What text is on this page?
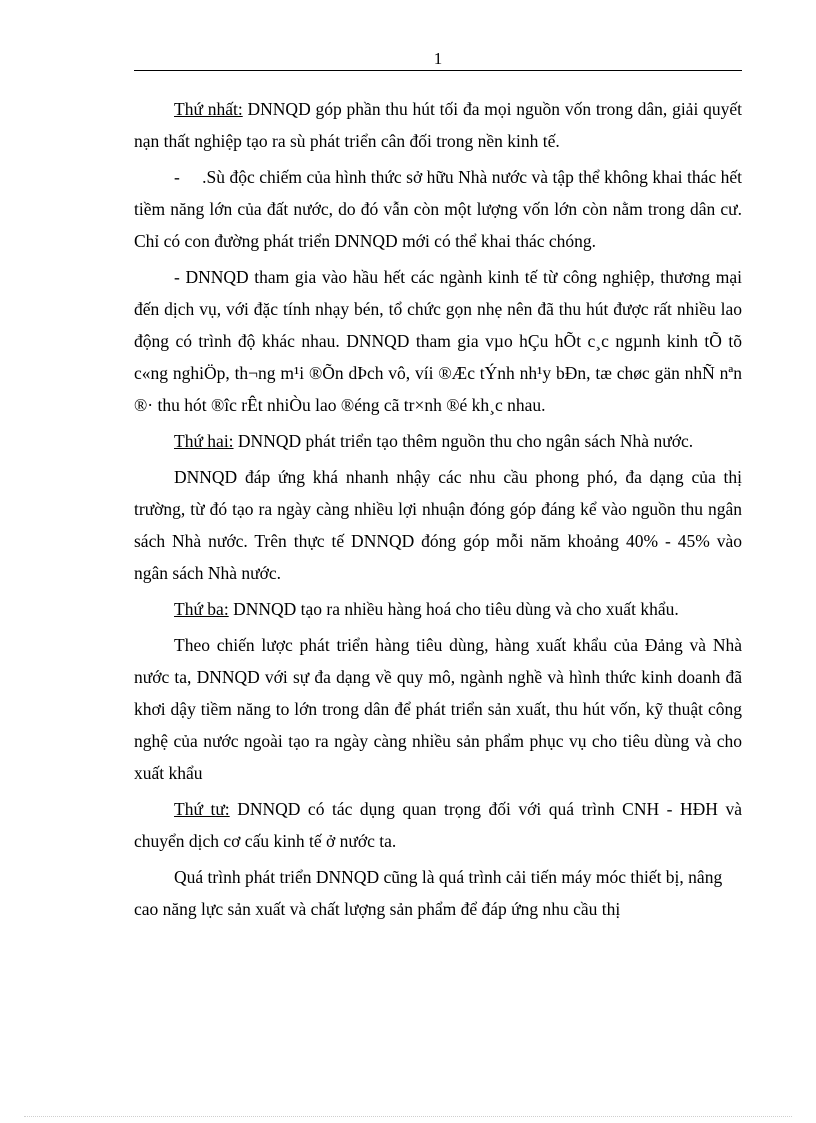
1

Thứ nhất: DNNQD góp phần thu hút tối đa mọi nguồn vốn trong dân, giải quyết nạn thất nghiệp tạo ra sù phát triển cân đối trong nền kinh tế.

-     .Sù độc chiếm của hình thức sở hữu Nhà nước và tập thể không khai thác hết tiềm năng lớn của đất nước, do đó vẫn còn một lượng vốn lớn còn nằm trong dân cư. Chỉ có con đường phát triển DNNQD mới có thể khai thác chóng.

- DNNQD tham gia vào hầu hết các ngành kinh tế từ công nghiệp, thương mại đến dịch vụ, với đặc tính nhạy bén, tổ chức gọn nhẹ nên đã thu hút được rất nhiều lao động có trình độ khác nhau. DNNQD tham gia vµo hÇu hÕt c¸c ngµnh kinh tÕ tõ c«ng nghiÖp, th¬ng m¹i ®Õn dÞch vô, víi ®Æc tÝnh nh¹y bÐn, tæ chøc gän nhÑ nªn ®· thu hót ®îc rÊt nhiÒu lao ®éng cã tr×nh ®é kh¸c nhau.

Thứ hai: DNNQD phát triển tạo thêm nguồn thu cho ngân sách Nhà nước.

DNNQD đáp ứng khá nhanh nhậy các nhu cầu phong phó, đa dạng của thị trường, từ đó tạo ra ngày càng nhiều lợi nhuận đóng góp đáng kể vào nguồn thu ngân sách Nhà nước. Trên thực tế DNNQD đóng góp mỗi năm khoảng 40% - 45% vào ngân sách Nhà nước.

Thứ ba: DNNQD tạo ra nhiều hàng hoá cho tiêu dùng và cho xuất khẩu.

Theo chiến lược phát triển hàng tiêu dùng, hàng xuất khẩu của Đảng và Nhà nước ta, DNNQD với sự đa dạng về quy mô, ngành nghề và hình thức kinh doanh đã khơi dậy tiềm năng to lớn trong dân để phát triển sản xuất, thu hút vốn, kỹ thuật công nghệ của nước ngoài tạo ra ngày càng nhiều sản phẩm phục vụ cho tiêu dùng và cho xuất khẩu

Thứ tư: DNNQD có tác dụng quan trọng đối với quá trình CNH - HĐH và chuyển dịch cơ cấu kinh tế ở nước ta.

Quá trình phát triển DNNQD cũng là quá trình cải tiến máy móc thiết bị, nâng cao năng lực sản xuất và chất lượng sản phẩm để đáp ứng nhu cầu thị
